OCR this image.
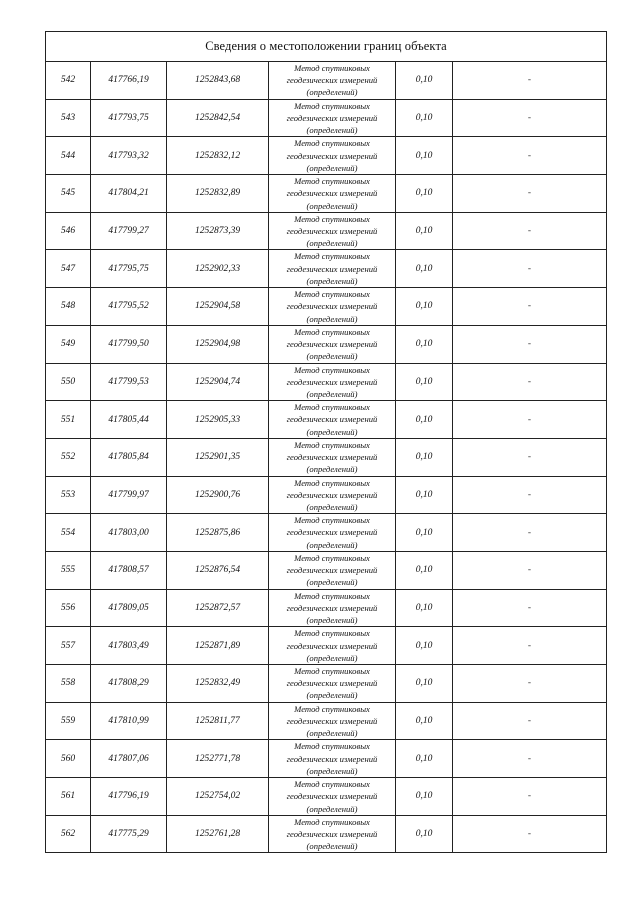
Сведения о местоположении границ объекта					
542	417766,19	1252843,68	Метод спутниковых
геодезических измерений
(определений)	0,10	-
543	417793,75	1252842,54	Метод спутниковых
геодезических измерений
(определений)	0,10	-
544	417793,32	1252832,12	Метод спутниковых
геодезических измерений
(определений)	0,10	-
545	417804,21	1252832,89	Метод спутниковых
геодезических измерений
(определений)	0,10	-
546	417799,27	1252873,39	Метод спутниковых
геодезических измерений
(определений)	0,10	-
547	417795,75	1252902,33	Метод спутниковых
геодезических измерений
(определений)	0,10	-
548	417795,52	1252904,58	Метод спутниковых
геодезических измерений
(определений)	0,10	-
549	417799,50	1252904,98	Метод спутниковых
геодезических измерений
(определений)	0,10	-
550	417799,53	1252904,74	Метод спутниковых
геодезических измерений
(определений)	0,10	-
551	417805,44	1252905,33	Метод спутниковых
геодезических измерений
(определений)	0,10	-
552	417805,84	1252901,35	Метод спутниковых
геодезических измерений
(определений)	0,10	-
553	417799,97	1252900,76	Метод спутниковых
геодезических измерений
(определений)	0,10	-
554	417803,00	1252875,86	Метод спутниковых
геодезических измерений
(определений)	0,10	-
555	417808,57	1252876,54	Метод спутниковых
геодезических измерений
(определений)	0,10	-
556	417809,05	1252872,57	Метод спутниковых
геодезических измерений
(определений)	0,10	-
557	417803,49	1252871,89	Метод спутниковых
геодезических измерений
(определений)	0,10	-
558	417808,29	1252832,49	Метод спутниковых
геодезических измерений
(определений)	0,10	-
559	417810,99	1252811,77	Метод спутниковых
геодезических измерений
(определений)	0,10	-
560	417807,06	1252771,78	Метод спутниковых
геодезических измерений
(определений)	0,10	-
561	417796,19	1252754,02	Метод спутниковых
геодезических измерений
(определений)	0,10	-
562	417775,29	1252761,28	Метод спутниковых
геодезических измерений
(определений)	0,10	-
